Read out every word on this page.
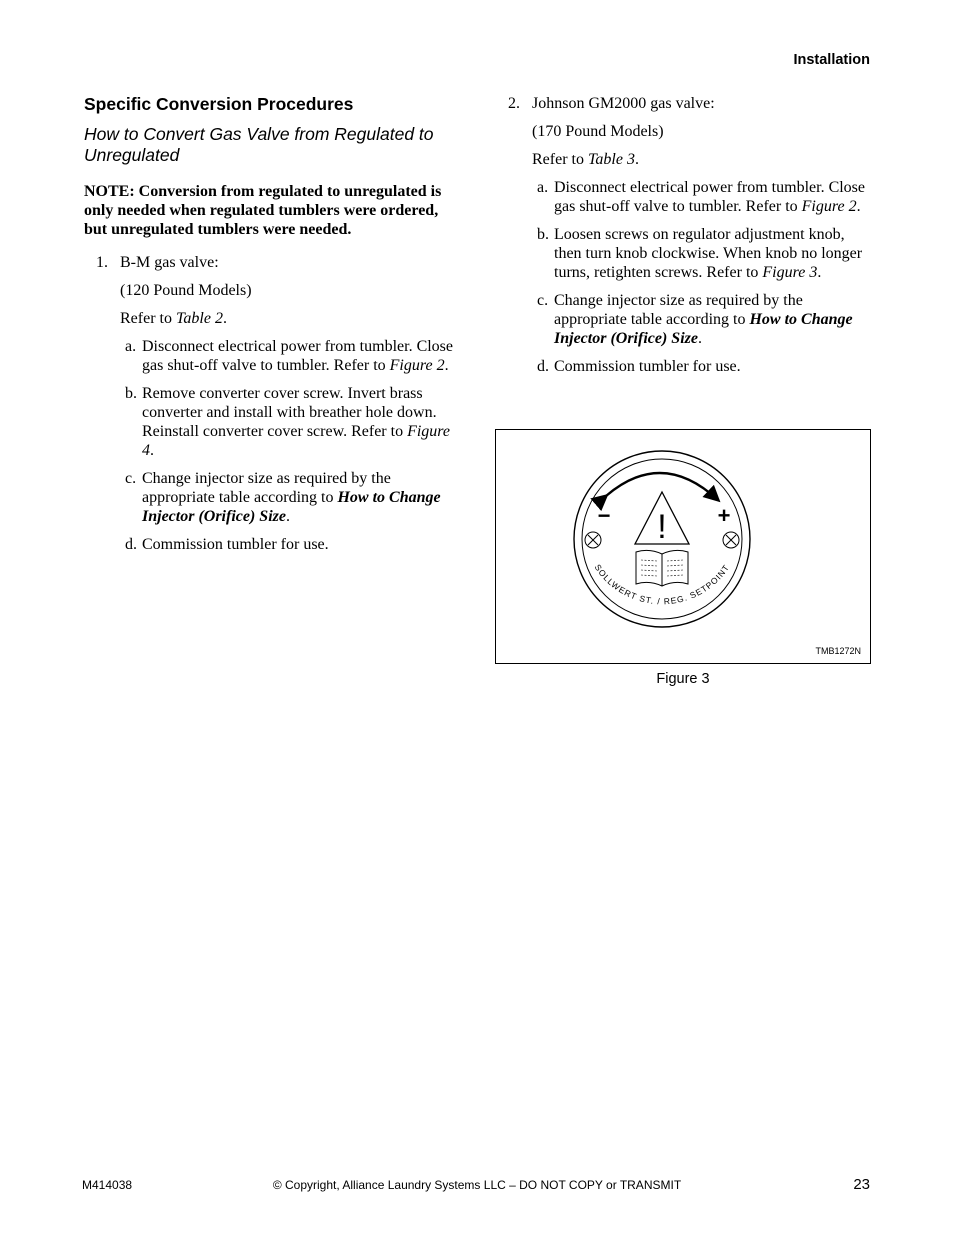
Installation
Specific Conversion Procedures
How to Convert Gas Valve from Regulated to Unregulated
NOTE: Conversion from regulated to unregulated is only needed when regulated tumblers were ordered, but unregulated tumblers were needed.
1. B-M gas valve:
(120 Pound Models)
Refer to Table 2.
a. Disconnect electrical power from tumbler. Close gas shut-off valve to tumbler. Refer to Figure 2.
b. Remove converter cover screw. Invert brass converter and install with breather hole down. Reinstall converter cover screw. Refer to Figure 4.
c. Change injector size as required by the appropriate table according to How to Change Injector (Orifice) Size.
d. Commission tumbler for use.
2. Johnson GM2000 gas valve:
(170 Pound Models)
Refer to Table 3.
a. Disconnect electrical power from tumbler. Close gas shut-off valve to tumbler. Refer to Figure 2.
b. Loosen screws on regulator adjustment knob, then turn knob clockwise. When knob no longer turns, retighten screws. Refer to Figure 3.
c. Change injector size as required by the appropriate table according to How to Change Injector (Orifice) Size.
d. Commission tumbler for use.
−	+
!
SOLLWERT ST. / REG. SETPOINT
TMB1272N
Figure 3
© Copyright, Alliance Laundry Systems LLC – DO NOT COPY or TRANSMIT
M414038	23
